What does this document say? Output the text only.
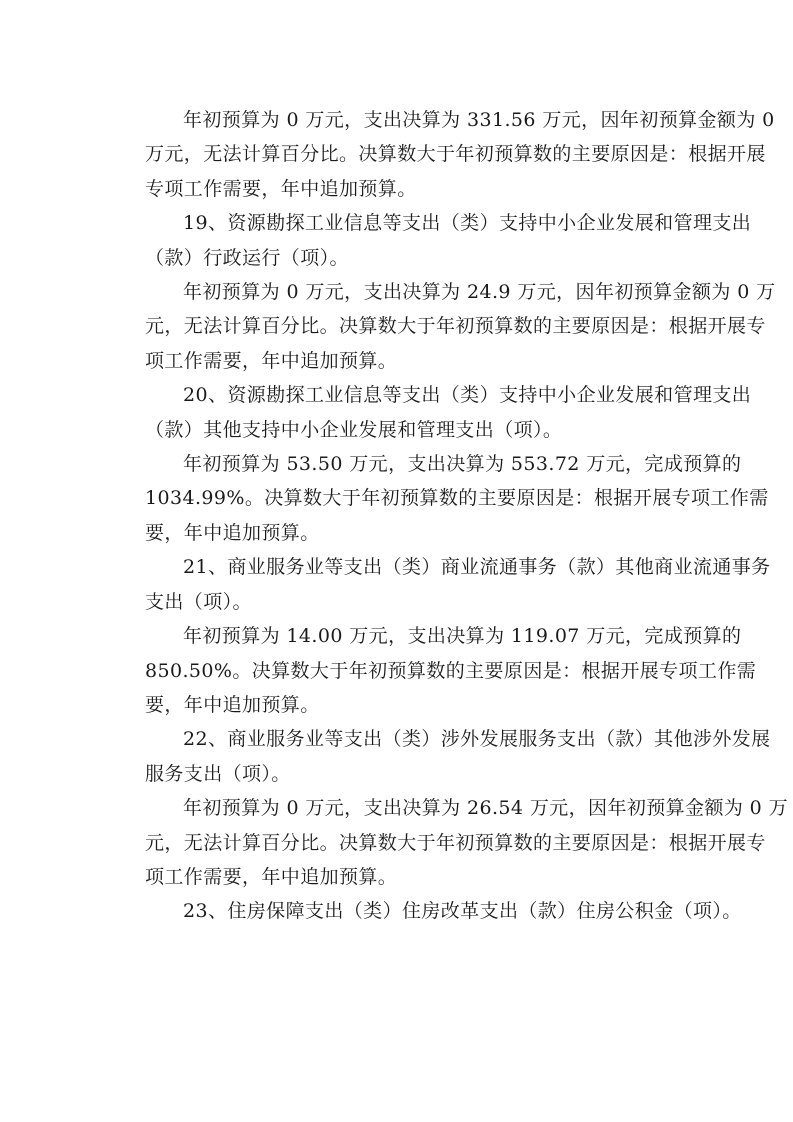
年初预算为 0 万元，支出决算为 331.56 万元，因年初预算金额为 0
万元，无法计算百分比。决算数大于年初预算数的主要原因是：根据开展
专项工作需要，年中追加预算。

19、资源勘探工业信息等支出（类）支持中小企业发展和管理支出
（款）行政运行（项）。

年初预算为 0 万元，支出决算为 24.9 万元，因年初预算金额为 0 万
元，无法计算百分比。决算数大于年初预算数的主要原因是：根据开展专
项工作需要，年中追加预算。

20、资源勘探工业信息等支出（类）支持中小企业发展和管理支出
（款）其他支持中小企业发展和管理支出（项）。

年初预算为 53.50 万元，支出决算为 553.72 万元，完成预算的
1034.99%。决算数大于年初预算数的主要原因是：根据开展专项工作需
要，年中追加预算。

21、商业服务业等支出（类）商业流通事务（款）其他商业流通事务
支出（项）。

年初预算为 14.00 万元，支出决算为 119.07 万元，完成预算的
850.50%。决算数大于年初预算数的主要原因是：根据开展专项工作需
要，年中追加预算。

22、商业服务业等支出（类）涉外发展服务支出（款）其他涉外发展
服务支出（项）。

年初预算为 0 万元，支出决算为 26.54 万元，因年初预算金额为 0 万
元，无法计算百分比。决算数大于年初预算数的主要原因是：根据开展专
项工作需要，年中追加预算。

23、住房保障支出（类）住房改革支出（款）住房公积金（项）。
